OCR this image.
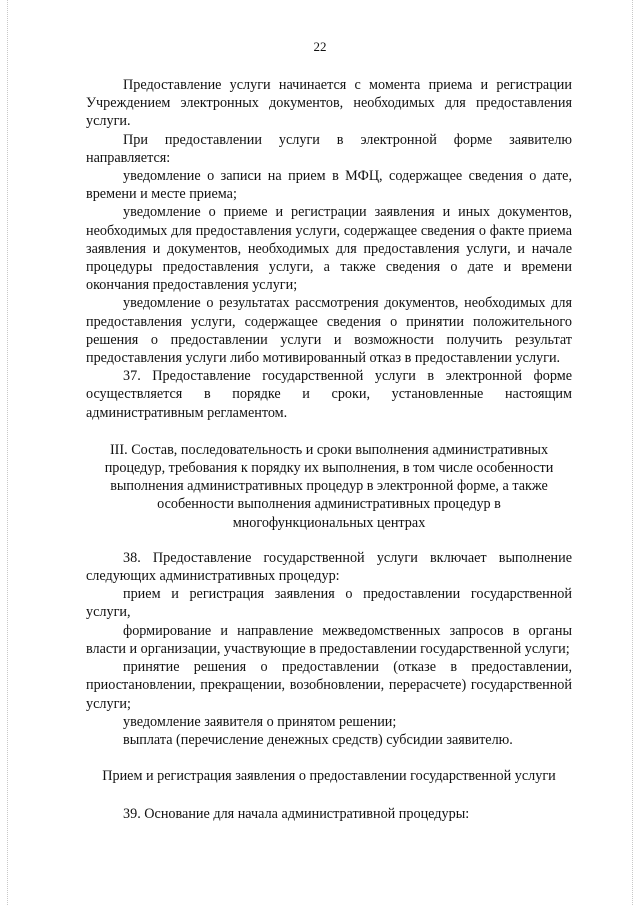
22

Предоставление услуги начинается с момента приема и регистрации Учреждением электронных документов, необходимых для предоставления услуги.

При предоставлении услуги в электронной форме заявителю направляется:

уведомление о записи на прием в МФЦ, содержащее сведения о дате, времени и месте приема;

уведомление о приеме и регистрации заявления и иных документов, необходимых для предоставления услуги, содержащее сведения о факте приема заявления и документов, необходимых для предоставления услуги, и начале процедуры предоставления услуги, а также сведения о дате и времени окончания предоставления услуги;

уведомление о результатах рассмотрения документов, необходимых для предоставления услуги, содержащее сведения о принятии положительного решения о предоставлении услуги и возможности получить результат предоставления услуги либо мотивированный отказ в предоставлении услуги.

37. Предоставление государственной услуги в электронной форме осуществляется в порядке и сроки, установленные настоящим административным регламентом.

III. Состав, последовательность и сроки выполнения административных процедур, требования к порядку их выполнения, в том числе особенности выполнения административных процедур в электронной форме, а также особенности выполнения административных процедур в многофункциональных центрах

38. Предоставление государственной услуги включает выполнение следующих административных процедур:

прием и регистрация заявления о предоставлении государственной услуги,

формирование и направление межведомственных запросов в органы власти и организации, участвующие в предоставлении государственной услуги;

принятие решения о предоставлении (отказе в предоставлении, приостановлении, прекращении, возобновлении, перерасчете) государственной услуги;

уведомление заявителя о принятом решении;

выплата (перечисление денежных средств) субсидии заявителю.

Прием и регистрация заявления о предоставлении государственной услуги

39. Основание для начала административной процедуры:
